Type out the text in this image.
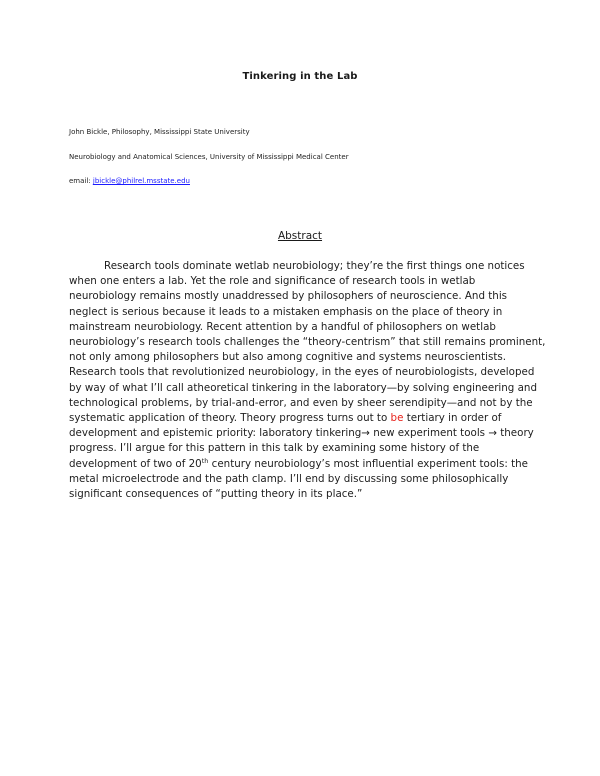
Tinkering in the Lab
John Bickle, Philosophy, Mississippi State University
Neurobiology and Anatomical Sciences, University of Mississippi Medical Center
email: jbickle@philrel.msstate.edu
Abstract

Research tools dominate wetlab neurobiology; they’re the first things one notices
when one enters a lab. Yet the role and significance of research tools in wetlab
neurobiology remains mostly unaddressed by philosophers of neuroscience. And this
neglect is serious because it leads to a mistaken emphasis on the place of theory in
mainstream neurobiology. Recent attention by a handful of philosophers on wetlab
neurobiology’s research tools challenges the “theory-centrism” that still remains prominent,
not only among philosophers but also among cognitive and systems neuroscientists.
Research tools that revolutionized neurobiology, in the eyes of neurobiologists, developed
by way of what I’ll call atheoretical tinkering in the laboratory—by solving engineering and
technological problems, by trial-and-error, and even by sheer serendipity—and not by the
systematic application of theory. Theory progress turns out to be tertiary in order of
development and epistemic priority: laboratory tinkering→ new experiment tools → theory
progress. I’ll argue for this pattern in this talk by examining some history of the
development of two of 20th century neurobiology’s most influential experiment tools: the
metal microelectrode and the path clamp. I’ll end by discussing some philosophically
significant consequences of “putting theory in its place.”
